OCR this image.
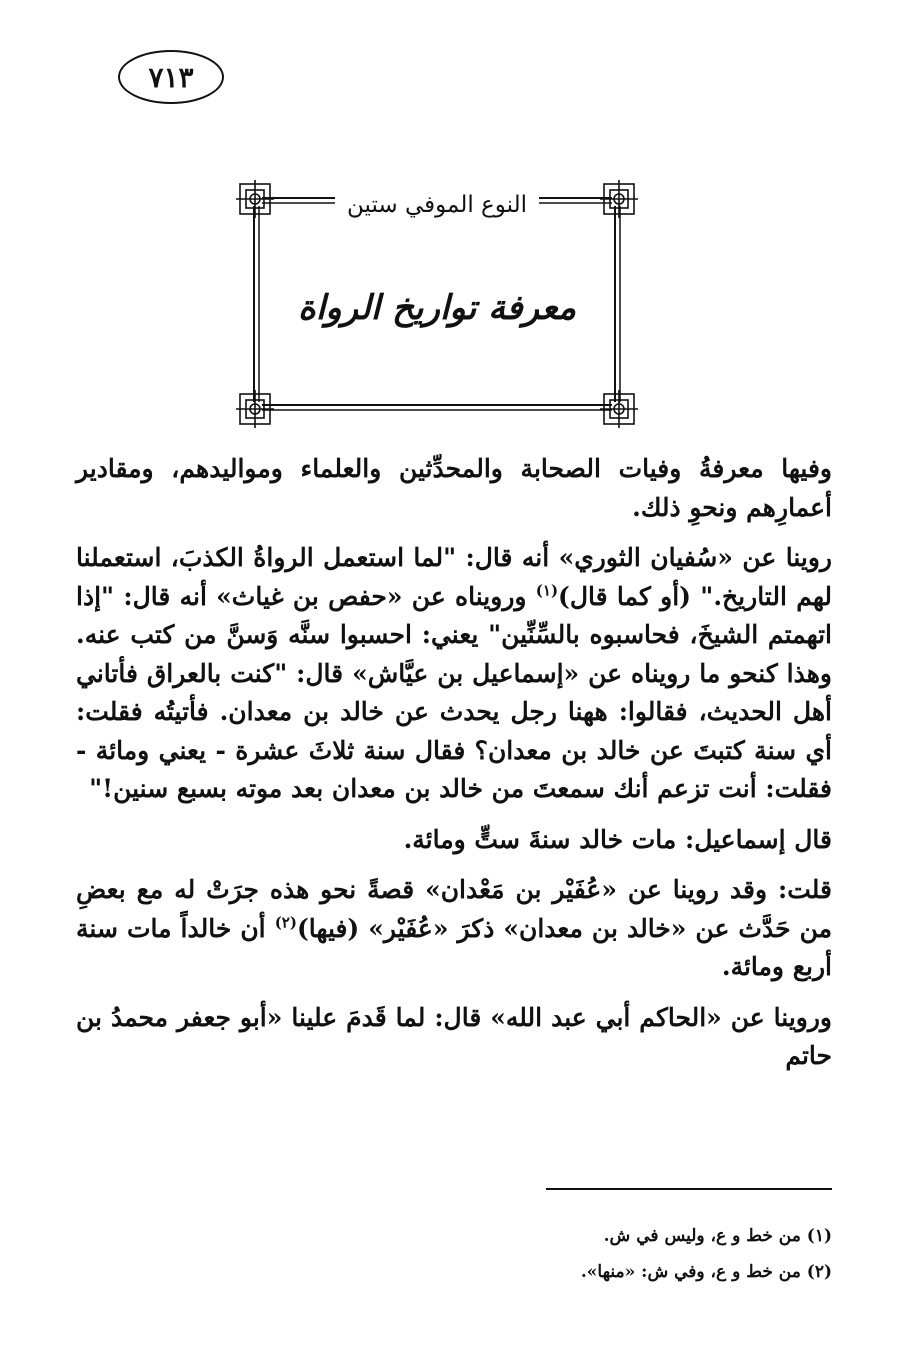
٧١٣
النوع الموفي ستين
معرفة تواريخ الرواة

وفيها معرفةُ وفيات الصحابة والمحدِّثين والعلماء ومواليدهم، ومقادير أعمارِهم ونحوِ ذلك.

روينا عن «سُفيان الثوري» أنه قال: "لما استعمل الرواةُ الكذبَ، استعملنا لهم التاريخ." (أو كما قال)$^{(١)}$ ورويناه عن «حفص بن غياث» أنه قال: "إذا اتهمتم الشيخَ، فحاسبوه بالسِّنِّين" يعني: احسبوا سنَّه وَسنَّ من كتب عنه. وهذا كنحو ما رويناه عن «إسماعيل بن عيَّاش» قال: "كنت بالعراق فأتاني أهل الحديث، فقالوا: ههنا رجل يحدث عن خالد بن معدان. فأتيتُه فقلت: أي سنة كتبتَ عن خالد بن معدان؟ فقال سنة ثلاثَ عشرة - يعني ومائة - فقلت: أنت تزعم أنك سمعتَ من خالد بن معدان بعد موته بسبع سنين!"

قال إسماعيل: مات خالد سنةَ ستٍّ ومائة.

قلت: وقد روينا عن «عُفَيْر بن مَعْدان» قصةً نحو هذه جرَتْ له مع بعضِ من حَدَّث عن «خالد بن معدان» ذكرَ «عُفَيْر» (فيها)$^{(٢)}$ أن خالداً مات سنة أربع ومائة.

وروينا عن «الحاكم أبي عبد الله» قال: لما قَدمَ علينا «أبو جعفر محمدُ بن حاتم

(١) من خط و ع، وليس في ش.

(٢) من خط و ع، وفي ش: «منها».
